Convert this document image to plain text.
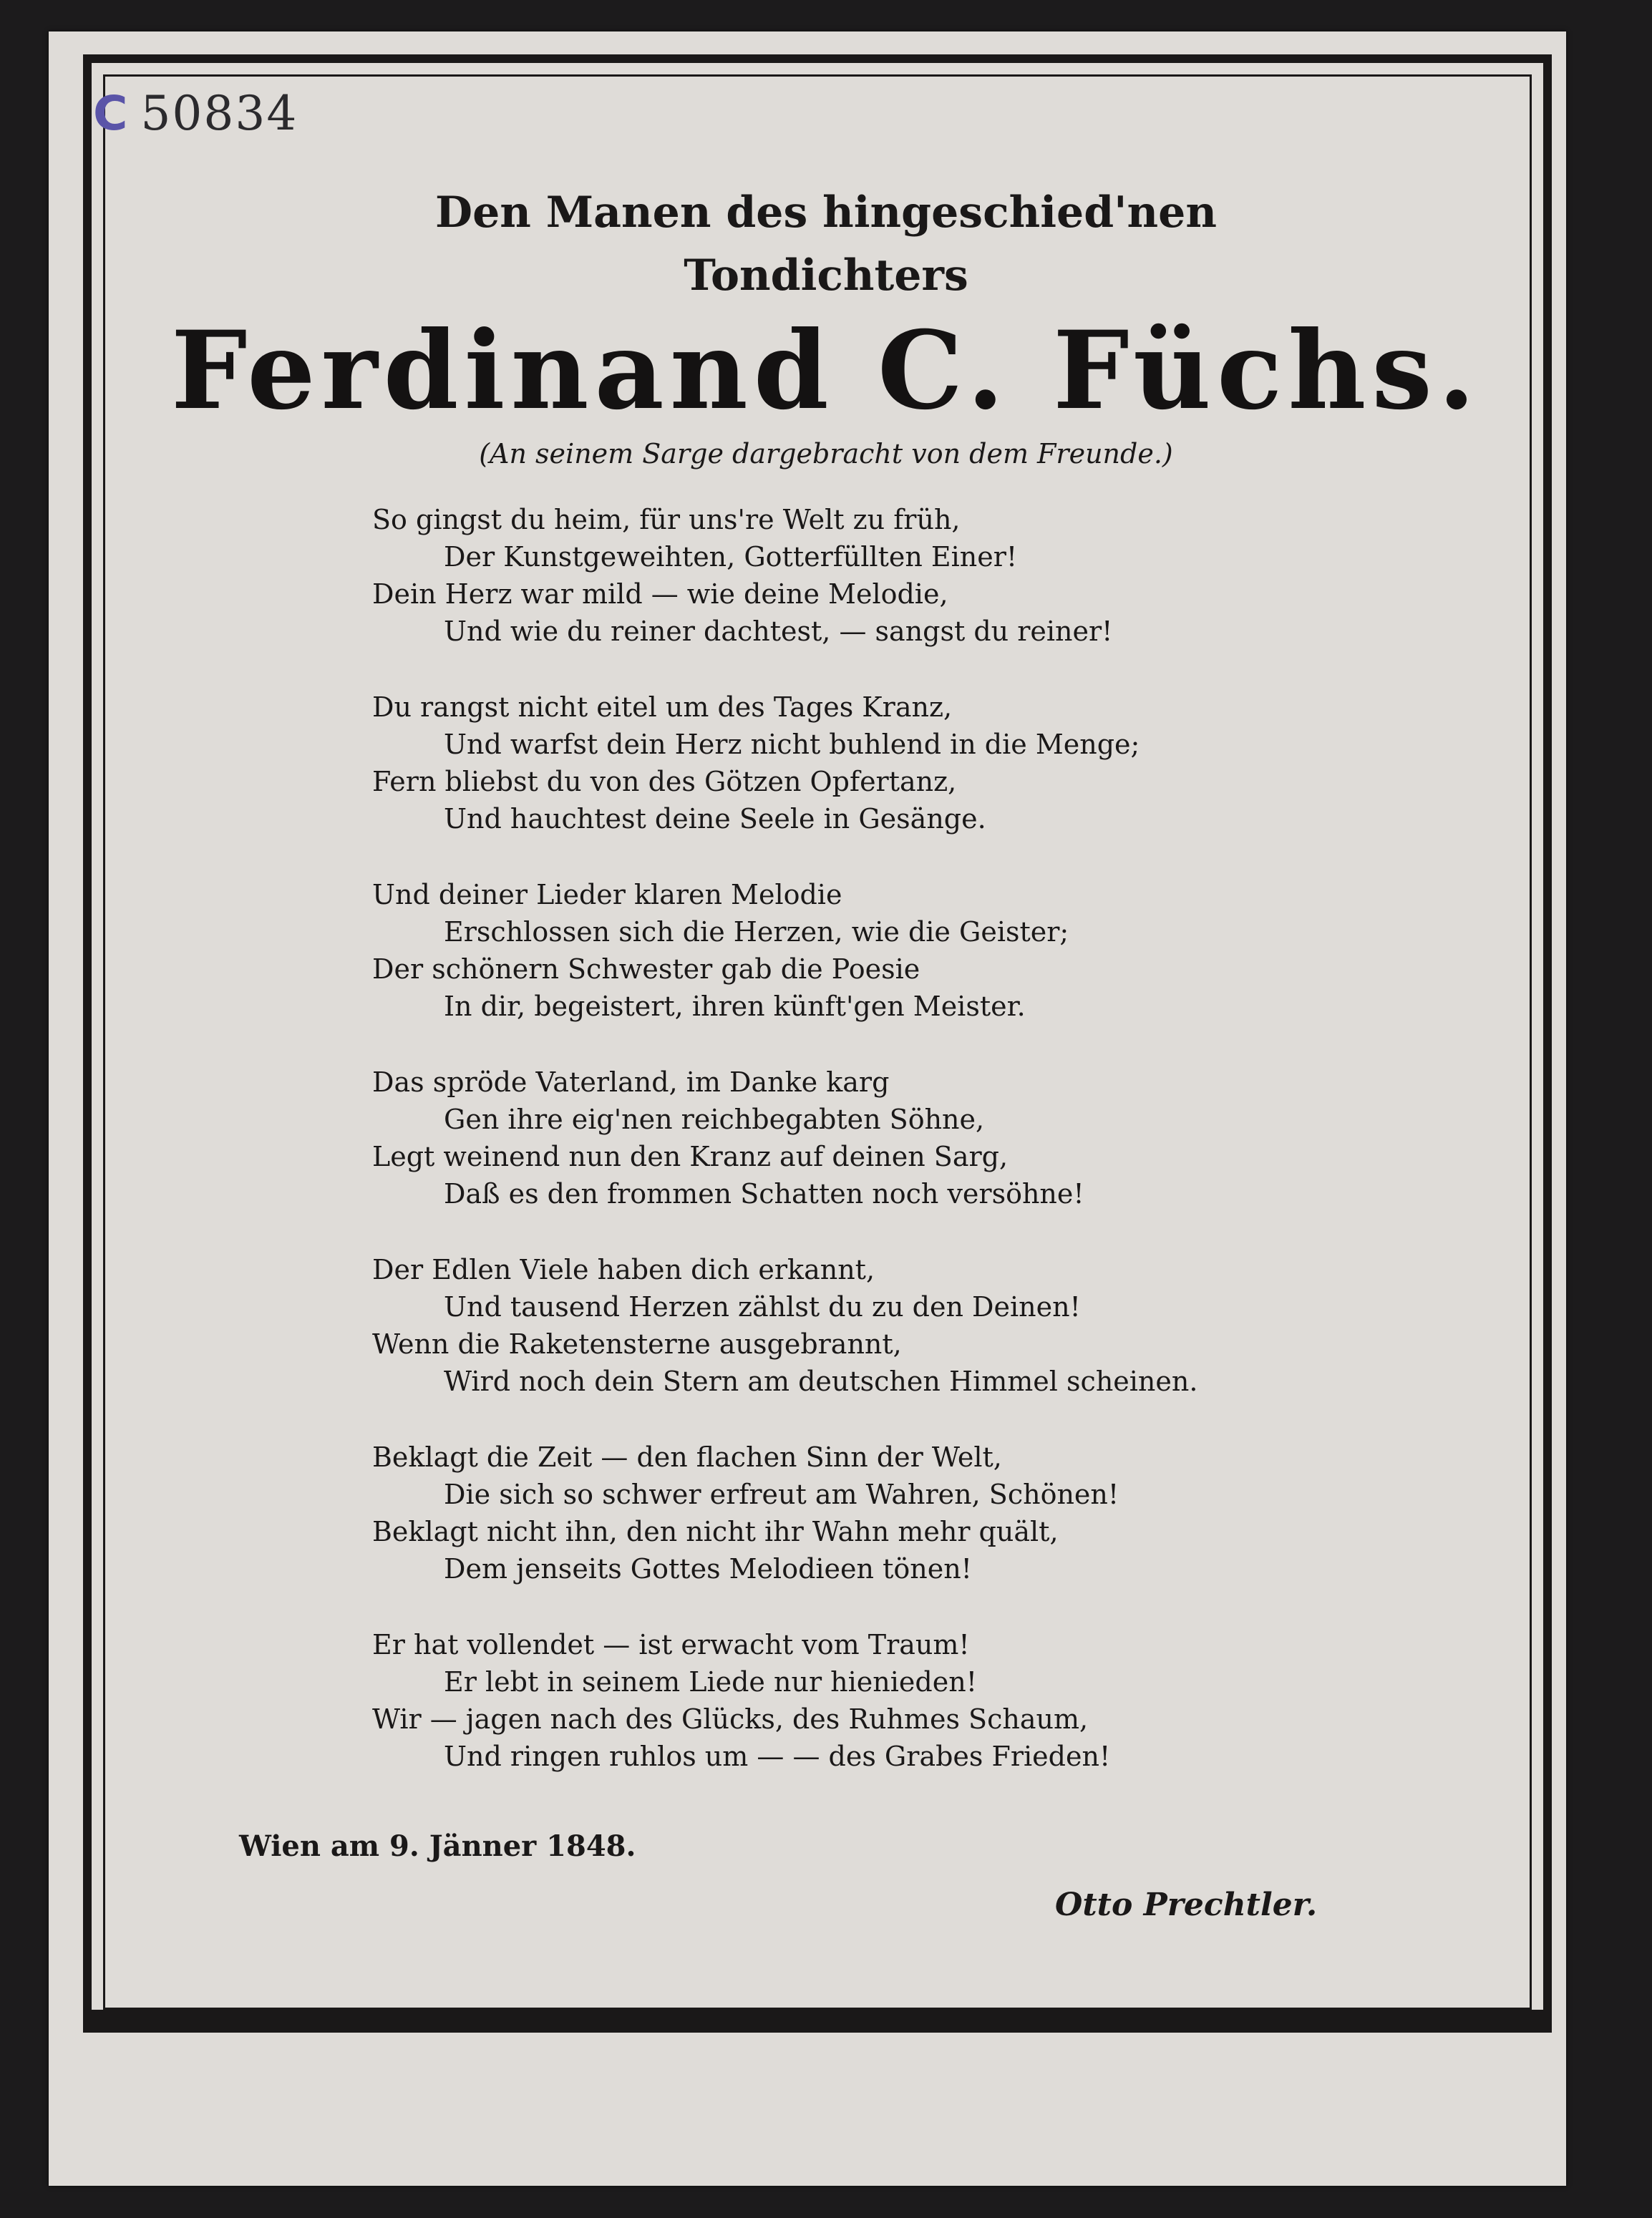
C 50834
Den Manen des hingeschied'nen
Tondichters
Ferdinand C. Füchs.
(An seinem Sarge dargebracht von dem Freunde.)
So gingst du heim, für uns're Welt zu früh,
Der Kunstgeweihten, Gotterfüllten Einer!
Dein Herz war mild — wie deine Melodie,
Und wie du reiner dachtest, — sangst du reiner!
Du rangst nicht eitel um des Tages Kranz,
Und warfst dein Herz nicht buhlend in die Menge;
Fern bliebst du von des Götzen Opfertanz,
Und hauchtest deine Seele in Gesänge.
Und deiner Lieder klaren Melodie
Erschlossen sich die Herzen, wie die Geister;
Der schönern Schwester gab die Poesie
In dir, begeistert, ihren künft'gen Meister.
Das spröde Vaterland, im Danke karg
Gen ihre eig'nen reichbegabten Söhne,
Legt weinend nun den Kranz auf deinen Sarg,
Daß es den frommen Schatten noch versöhne!
Der Edlen Viele haben dich erkannt,
Und tausend Herzen zählst du zu den Deinen!
Wenn die Raketensterne ausgebrannt,
Wird noch dein Stern am deutschen Himmel scheinen.
Beklagt die Zeit — den flachen Sinn der Welt,
Die sich so schwer erfreut am Wahren, Schönen!
Beklagt nicht ihn, den nicht ihr Wahn mehr quält,
Dem jenseits Gottes Melodieen tönen!
Er hat vollendet — ist erwacht vom Traum!
Er lebt in seinem Liede nur hienieden!
Wir — jagen nach des Glücks, des Ruhmes Schaum,
Und ringen ruhlos um — — des Grabes Frieden!
Wien am 9. Jänner 1848.
Otto Prechtler.
